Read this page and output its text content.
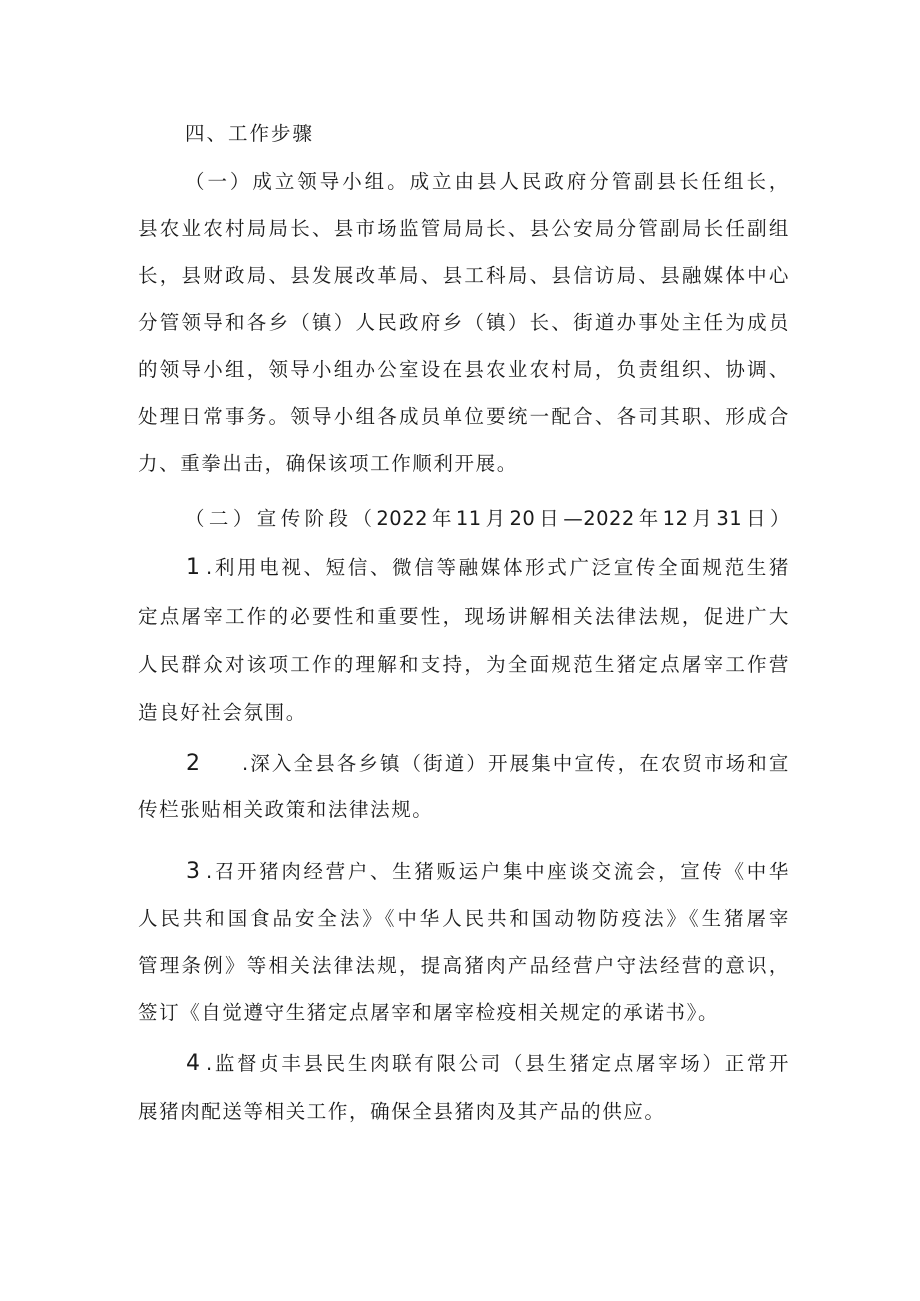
四、工作步骤
（一）成立领导小组。成立由县人民政府分管副县长任组长，
县农业农村局局长、县市场监管局局长、县公安局分管副局长任副组
长，县财政局、县发展改革局、县工科局、县信访局、县融媒体中心
分管领导和各乡（镇）人民政府乡（镇）长、街道办事处主任为成员
的领导小组，领导小组办公室设在县农业农村局，负责组织、协调、
处理日常事务。领导小组各成员单位要统一配合、各司其职、形成合
力、重拳出击，确保该项工作顺利开展。
（二）宣传阶段（2022年11月20日—2022年12月31日）
1 .利用电视、短信、微信等融媒体形式广泛宣传全面规范生猪
定点屠宰工作的必要性和重要性，现场讲解相关法律法规，促进广大
人民群众对该项工作的理解和支持，为全面规范生猪定点屠宰工作营
造良好社会氛围。
2 .深入全县各乡镇（街道）开展集中宣传，在农贸市场和宣
传栏张贴相关政策和法律法规。
3 .召开猪肉经营户、生猪贩运户集中座谈交流会，宣传《中华
人民共和国食品安全法》《中华人民共和国动物防疫法》《生猪屠宰
管理条例》等相关法律法规，提高猪肉产品经营户守法经营的意识，
签订《自觉遵守生猪定点屠宰和屠宰检疫相关规定的承诺书》。
4 .监督贞丰县民生肉联有限公司（县生猪定点屠宰场）正常开
展猪肉配送等相关工作，确保全县猪肉及其产品的供应。
